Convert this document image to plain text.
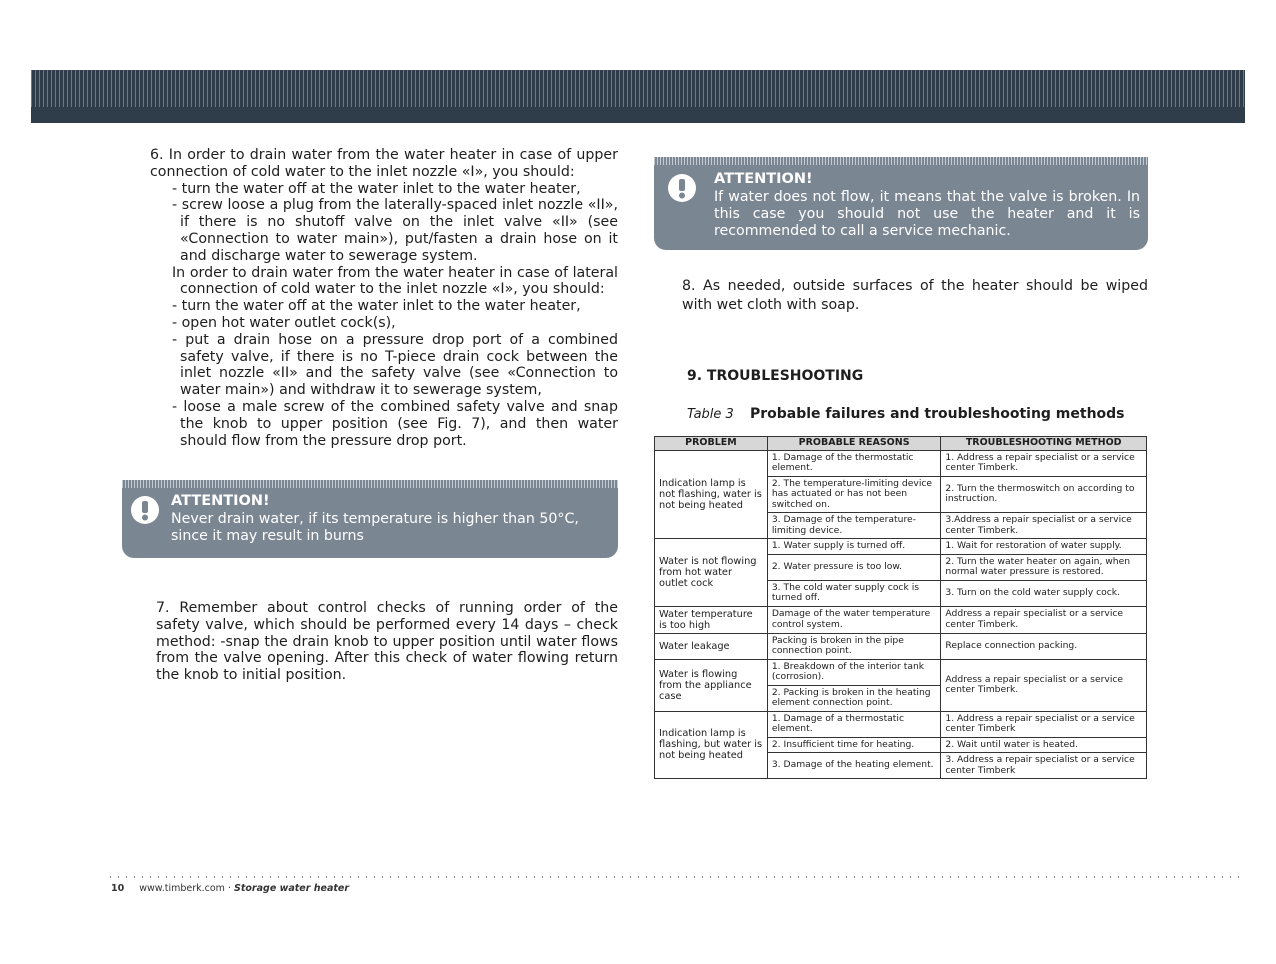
6. In order to drain water from the water heater in case of upper connection of cold water to the inlet nozzle «I», you should:

- turn the water off at the water inlet to the water heater,

- screw loose a plug from the laterally-spaced inlet nozzle «II», if there is no shutoff valve on the inlet valve «II» (see «Connection to water main»), put/fasten a drain hose on it and discharge water to sewerage system.

In order to drain water from the water heater in case of lateral connection of cold water to the inlet nozzle «I», you should:

- turn the water off at the water inlet to the water heater,

- open hot water outlet cock(s),

- put a drain hose on a pressure drop port of a combined safety valve, if there is no T-piece drain cock between the inlet nozzle «II» and the safety valve (see «Connection to water main») and withdraw it to sewerage system,

- loose a male screw of the combined safety valve and snap the knob to upper position (see Fig. 7), and then water should flow from the pressure drop port.

ATTENTION!
Never drain water, if its temperature is higher than 50°C, since it may result in burns
7. Remember about control checks of running order of the safety valve, which should be performed every 14 days – check method: -snap the drain knob to upper position until water flows from the valve opening. After this check of water flowing return the knob to initial position.
ATTENTION!
If water does not flow, it means that the valve is broken. In this case you should not use the heater and it is recommended to call a service mechanic.
8. As needed, outside surfaces of the heater should be wiped with wet cloth with soap.
9. TROUBLESHOOTING
Table 3 Probable failures and troubleshooting methods
PROBLEM	PROBABLE REASONS	TROUBLESHOOTING METHOD
Indication lamp is not flashing, water is not being heated	1. Damage of the thermostatic element.	1. Address a repair specialist or a service center Timberk.
	2. The temperature-limiting device has actuated or has not been switched on.	2. Turn the thermoswitch on according to instruction.
	3. Damage of the temperature-limiting device.	3.Address a repair specialist or a service center Timberk.
Water is not flowing from hot water outlet cock	1. Water supply is turned off.	1. Wait for restoration of water supply.
	2. Water pressure is too low.	2. Turn the water heater on again, when normal water pressure is restored.
	3. The cold water supply cock is turned off.	3. Turn on the cold water supply cock.
Water temperature is too high	Damage of the water temperature control system.	Address a repair specialist or a service center Timberk.
Water leakage	Packing is broken in the pipe connection point.	Replace connection packing.
Water is flowing from the appliance case	1. Breakdown of the interior tank (corrosion).	Address a repair specialist or a service center Timberk.
	2. Packing is broken in the heating element connection point.	
Indication lamp is flashing, but water is not being heated	1. Damage of a thermostatic element.	1. Address a repair specialist or a service center Timberk
	2. Insufficient time for heating.	2. Wait until water is heated.
	3. Damage of the heating element.	3. Address a repair specialist or a service center Timberk
10 www.timberk.com · Storage water heater
